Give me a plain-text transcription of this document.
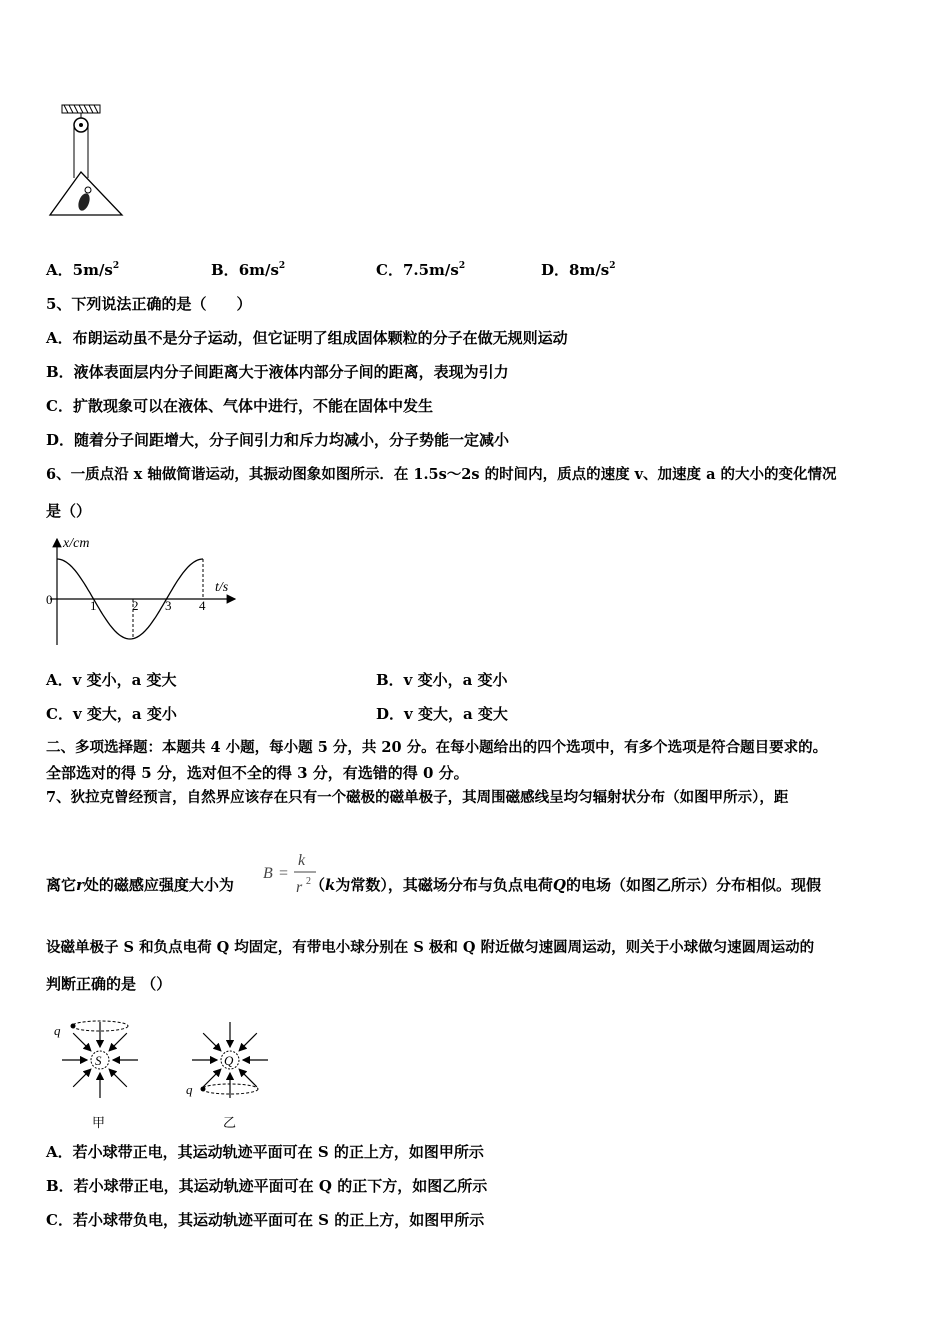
A．$5m/s^2$	B．$6m/s^2$	C．$7.5m/s^2$	D．$8m/s^2$
5、下列说法正确的是（　　）
A．布朗运动虽不是分子运动，但它证明了组成固体颗粒的分子在做无规则运动
B．液体表面层内分子间距离大于液体内部分子间的距离，表现为引力
C．扩散现象可以在液体、气体中进行，不能在固体中发生
D．随着分子间距增大，分子间引力和斥力均减小，分子势能一定减小
6、一质点沿 x 轴做简谐运动，其振动图象如图所示．在 1.5s～2s 的时间内，质点的速度 v、加速度 a 的大小的变化情况
是（）
x/cm
t/s
0	1	2 3 4
A．v 变小，a 变大	B．v 变小，a 变小
C．v 变大，a 变小	D．v 变大，a 变大
二、多项选择题：本题共 4 小题，每小题 5 分，共 20 分。在每小题给出的四个选项中，有多个选项是符合题目要求的。
全部选对的得 5 分，选对但不全的得 3 分，有选错的得 0 分。
7、狄拉克曾经预言，自然界应该存在只有一个磁极的磁单极子，其周围磁感线呈均匀辐射状分布（如图甲所示），距
离它r处的磁感应强度大小为	（k为常数），其磁场分布与负点电荷Q的电场（如图乙所示）分布相似。现假
B =
k
r 2
设磁单极子 S 和负点电荷 Q 均固定，有带电小球分别在 S 极和 Q 附近做匀速圆周运动，则关于小球做匀速圆周运动的
判断正确的是 （）
q
S
甲
q
Q
乙
A．若小球带正电，其运动轨迹平面可在 S 的正上方，如图甲所示
B．若小球带正电，其运动轨迹平面可在 Q 的正下方，如图乙所示
C．若小球带负电，其运动轨迹平面可在 S 的正上方，如图甲所示
